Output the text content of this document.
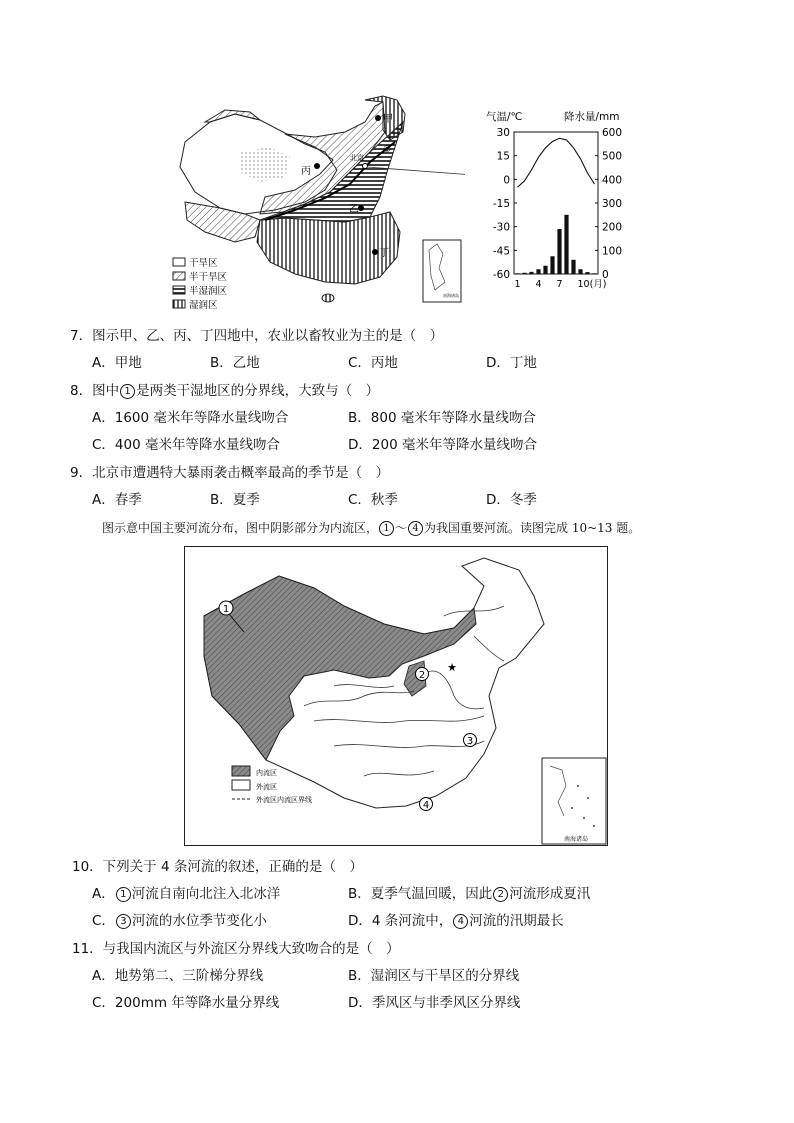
甲
乙
丙
丁
北京
①
南海诸岛
干旱区
半干旱区
半湿润区
湿润区
气温/℃	降水量/mm
30
15
0
-15
-30
-45
-60
600
500
400
300
200
100
0
1 4 7 10(月)
7．图示甲、乙、丙、丁四地中，农业以畜牧业为主的是（　）
A．甲地	B．乙地	C．丙地	D．丁地
8．图中 1 是两类干湿地区的分界线，大致与（　）
A．1600 毫米年等降水量线吻合	B．800 毫米年等降水量线吻合
C．400 毫米年等降水量线吻合	D．200 毫米年等降水量线吻合
9．北京市遭遇特大暴雨袭击概率最高的季节是（　）
A．春季	B．夏季	C．秋季	D．冬季
图示意中国主要河流分布，图中阴影部分为内流区， 1 ～ 4 为我国重要河流。读图完成 10~13 题。
1
2
3
4
★
内流区
外流区
外流区内流区界线
南海诸岛
10．下列关于 4 条河流的叙述，正确的是（　）
A． 1 河流自南向北注入北冰洋	B．夏季气温回暖，因此 2 河流形成夏汛
C． 3 河流的水位季节变化小	D．4 条河流中， 4 河流的汛期最长
11．与我国内流区与外流区分界线大致吻合的是（　）
A．地势第二、三阶梯分界线	B．湿润区与干旱区的分界线
C．200mm 年等降水量分界线	D．季风区与非季风区分界线
